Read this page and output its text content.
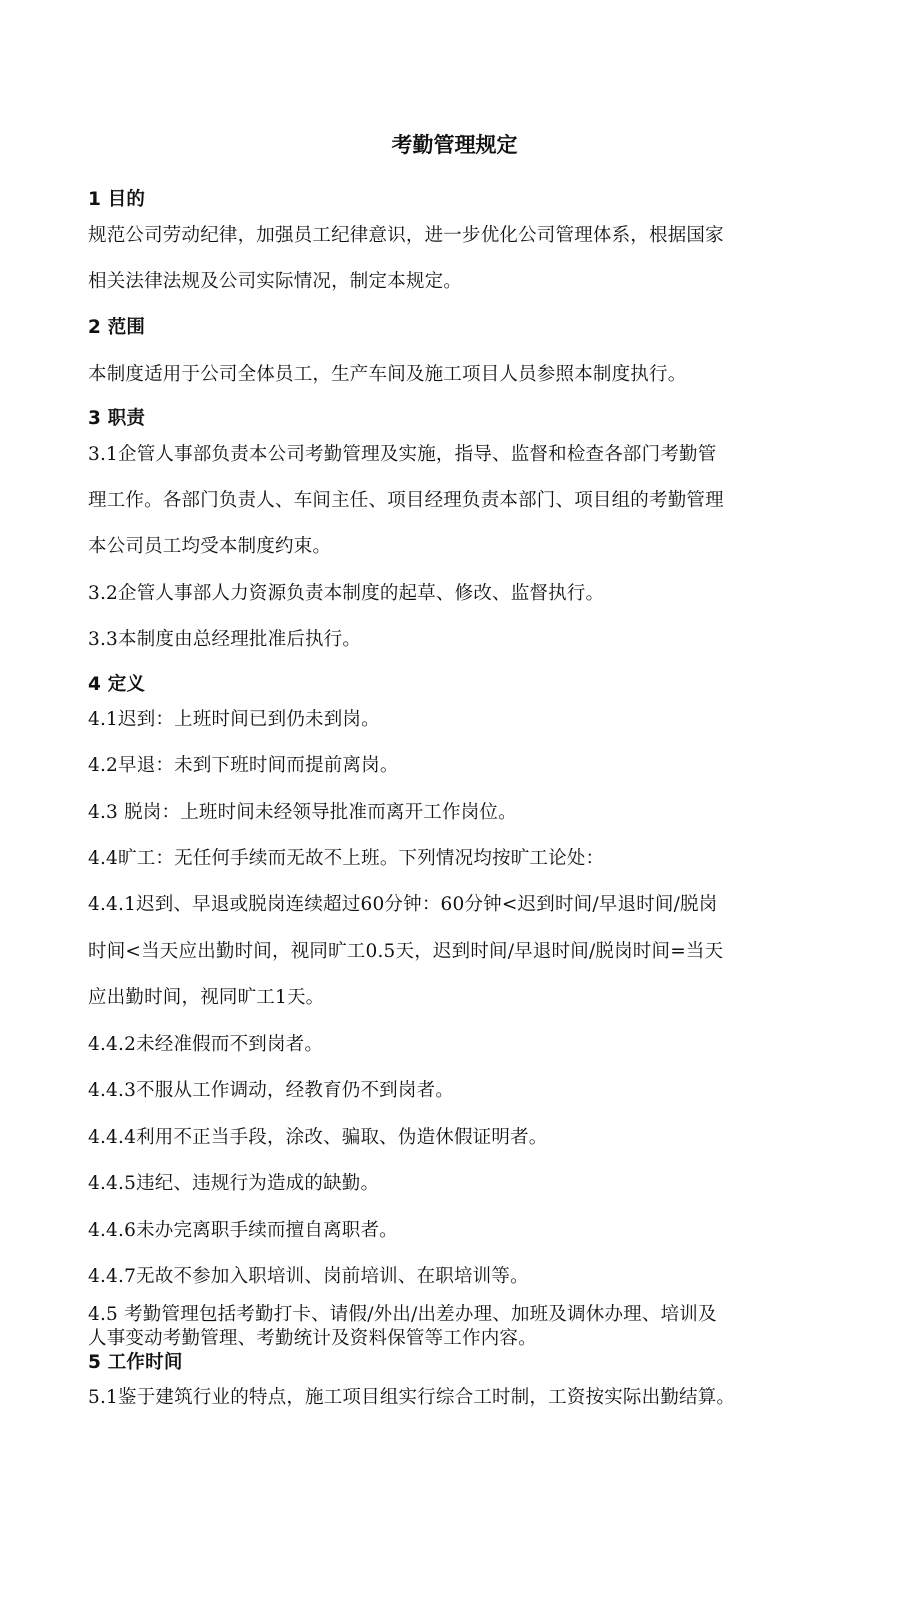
考勤管理规定
1 目的
规范公司劳动纪律，加强员工纪律意识，进一步优化公司管理体系，根据国家
相关法律法规及公司实际情况，制定本规定。
2 范围
本制度适用于公司全体员工，生产车间及施工项目人员参照本制度执行。
3 职责
3.1企管人事部负责本公司考勤管理及实施，指导、监督和检查各部门考勤管
理工作。各部门负责人、车间主任、项目经理负责本部门、项目组的考勤管理
本公司员工均受本制度约束。
3.2企管人事部人力资源负责本制度的起草、修改、监督执行。
3.3本制度由总经理批准后执行。
4 定义
4.1迟到：上班时间已到仍未到岗。
4.2早退：未到下班时间而提前离岗。
4.3 脱岗：上班时间未经领导批准而离开工作岗位。
4.4旷工：无任何手续而无故不上班。下列情况均按旷工论处：
4.4.1迟到、早退或脱岗连续超过60分钟：60分钟<迟到时间/早退时间/脱岗
时间<当天应出勤时间，视同旷工0.5天，迟到时间/早退时间/脱岗时间=当天
应出勤时间，视同旷工1天。
4.4.2未经准假而不到岗者。
4.4.3不服从工作调动，经教育仍不到岗者。
4.4.4利用不正当手段，涂改、骗取、伪造休假证明者。
4.4.5违纪、违规行为造成的缺勤。
4.4.6未办完离职手续而擅自离职者。
4.4.7无故不参加入职培训、岗前培训、在职培训等。
4.5 考勤管理包括考勤打卡、请假/外出/出差办理、加班及调休办理、培训及
人事变动考勤管理、考勤统计及资料保管等工作内容。
5 工作时间
5.1鉴于建筑行业的特点，施工项目组实行综合工时制，工资按实际出勤结算。
